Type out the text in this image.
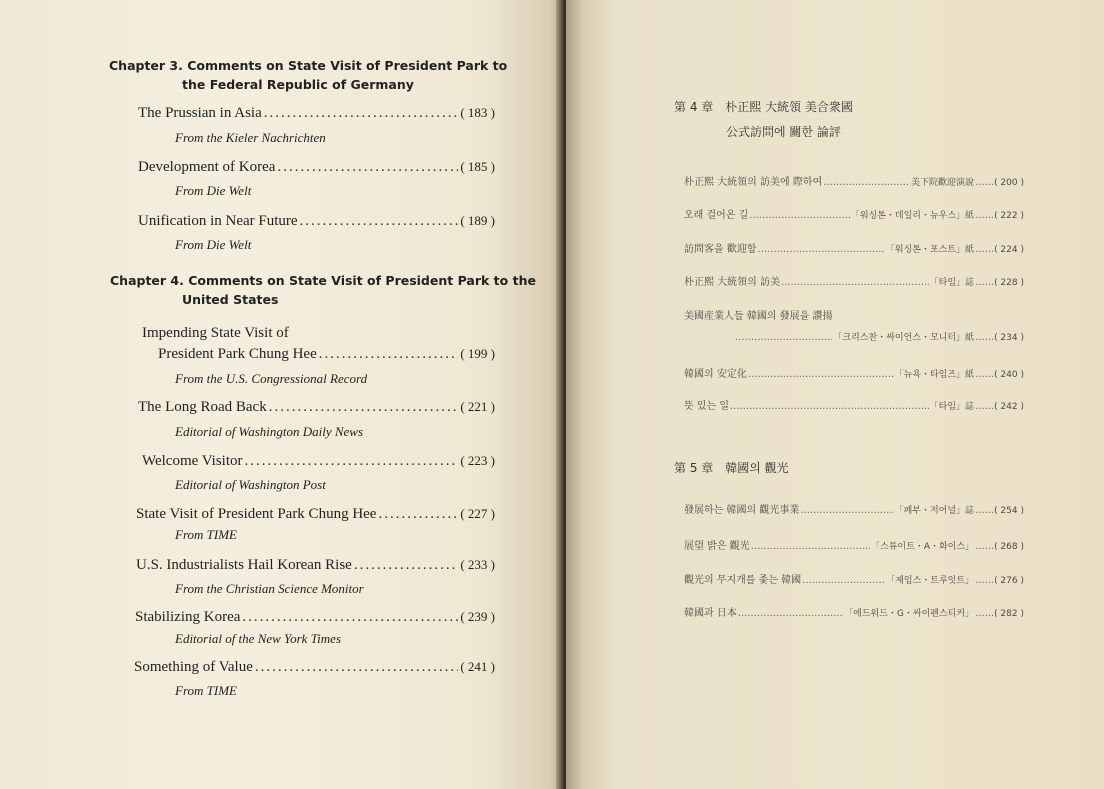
Chapter 3. Comments on State Visit of President Park to
the Federal Republic of Germany
The Prussian in Asia .....	( 183 )
From the Kieler Nachrichten
Development of Korea .....	( 185 )
From Die Welt
Unification in Near Future .....	( 189 )
From Die Welt
Chapter 4. Comments on State Visit of President Park to the
United States
Impending State Visit of
President Park Chung Hee .....	( 199 )
From the U.S. Congressional Record
The Long Road Back .....	( 221 )
Editorial of Washington Daily News
Welcome Visitor .....	( 223 )
Editorial of Washington Post
State Visit of President Park Chung Hee .....	( 227 )
From TIME
U.S. Industrialists Hail Korean Rise .....	( 233 )
From the Christian Science Monitor
Stabilizing Korea .....	( 239 )
Editorial of the New York Times
Something of Value .....	( 241 )
From TIME
第 4 章　朴正熙 大統領 美合衆國
公式訪問에 關한 論評
朴正熙 大統領의 訪美에 際하여 .....	美下院歡迎演說 ..... ( 200 )
오래 걸어온 길 .....	「워싱톤・데일리・뉴우스」紙 ..... ( 222 )
訪問客을 歡迎함 .....	「워싱톤・포스트」紙 ..... ( 224 )
朴正熙 大統領의 訪美 .....	「타임」誌 ..... ( 228 )
美國産業人들 韓國의 發展을 讚揚
.....
「크리스찬・싸이언스・모니터」紙 ..... ( 234 )
韓國의 安定化 .....	「뉴욕・타임즈」紙 ..... ( 240 )
뜻 있는 일 .....	「타임」誌 ..... ( 242 )
第 5 章　韓國의 觀光
發展하는 韓國의 觀光事業 .....	「페부・저어널」誌 ..... ( 254 )
展望 밝은 觀光 .....	「스튜이트・A・화이스」 ..... ( 268 )
觀光의 무지개를 좇는 韓國 .....	「제임스・트루잇트」 ..... ( 276 )
韓國과 日本 .....	「에드워드・G・싸이펜스티커」 ..... ( 282 )
